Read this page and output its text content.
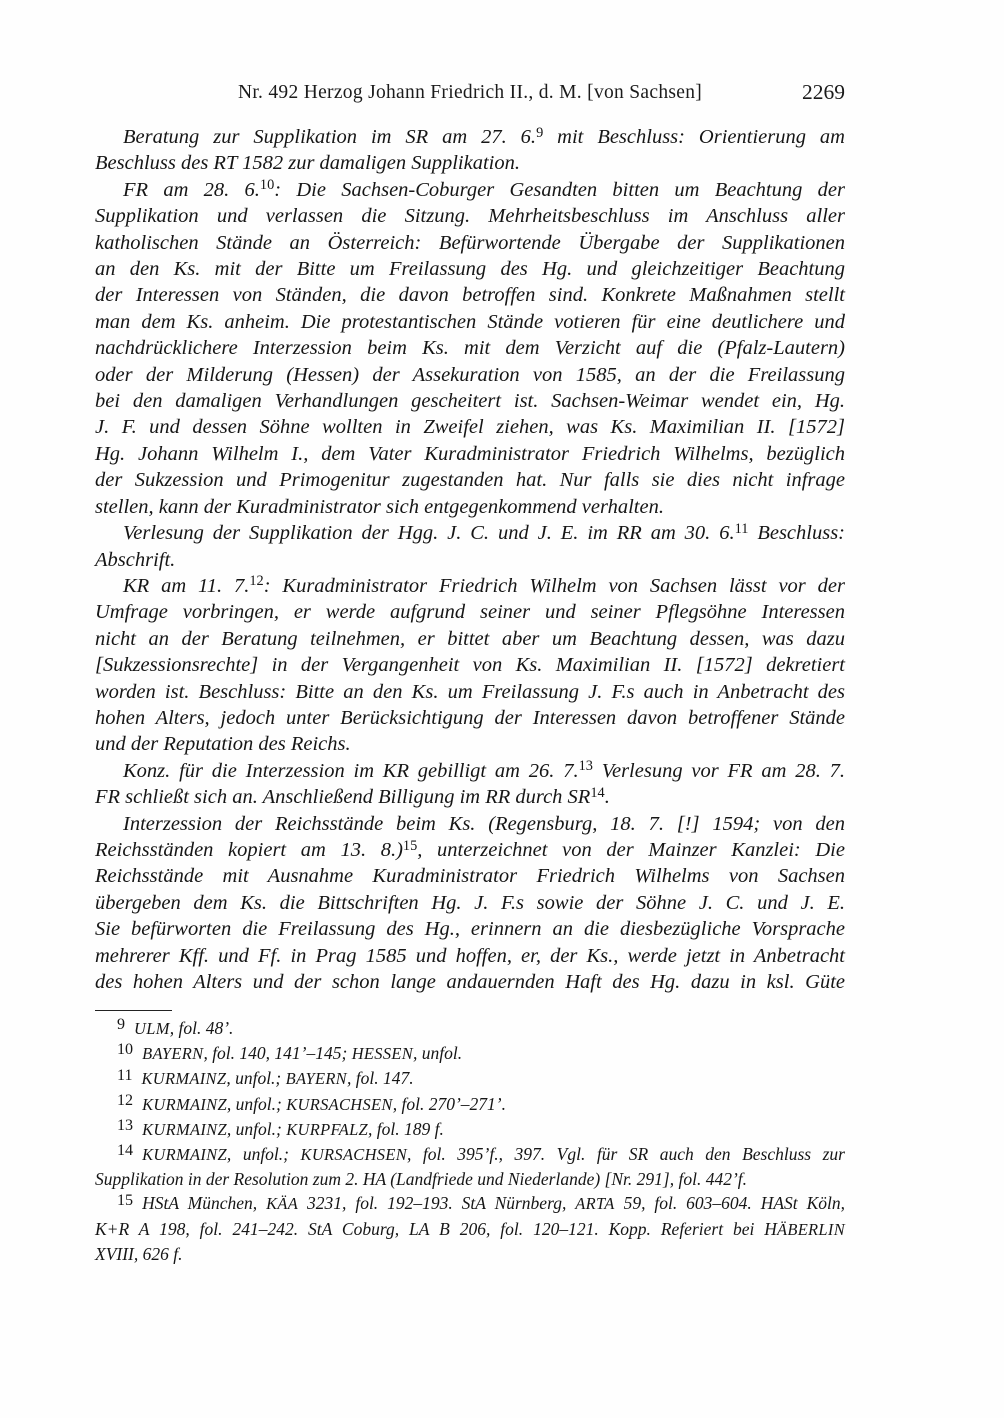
Nr. 492 Herzog Johann Friedrich II., d. M. [von Sachsen]	2269
Beratung zur Supplikation im SR am 27. 6.$^9$ mit Beschluss: Orientierung am
Beschluss des RT 1582 zur damaligen Supplikation.
FR am 28. 6.10: Die Sachsen-Coburger Gesandten bitten um Beachtung der
Supplikation und verlassen die Sitzung. Mehrheitsbeschluss im Anschluss aller
katholischen Stände an Österreich: Befürwortende Übergabe der Supplikationen
an den Ks. mit der Bitte um Freilassung des Hg. und gleichzeitiger Beachtung
der Interessen von Ständen, die davon betroffen sind. Konkrete Maßnahmen stellt
man dem Ks. anheim. Die protestantischen Stände votieren für eine deutlichere und
nachdrücklichere Interzession beim Ks. mit dem Verzicht auf die (Pfalz-Lautern)
oder der Milderung (Hessen) der Assekuration von 1585, an der die Freilassung
bei den damaligen Verhandlungen gescheitert ist. Sachsen-Weimar wendet ein, Hg.
J. F. und dessen Söhne wollten in Zweifel ziehen, was Ks. Maximilian II. [1572]
Hg. Johann Wilhelm I., dem Vater Kuradministrator Friedrich Wilhelms, bezüglich
der Sukzession und Primogenitur zugestanden hat. Nur falls sie dies nicht infrage
stellen, kann der Kuradministrator sich entgegenkommend verhalten.
Verlesung der Supplikation der Hgg. J. C. und J. E. im RR am 30. 6.11 Beschluss:
Abschrift.
KR am 11. 7.12: Kuradministrator Friedrich Wilhelm von Sachsen lässt vor der
Umfrage vorbringen, er werde aufgrund seiner und seiner Pflegsöhne Interessen
nicht an der Beratung teilnehmen, er bittet aber um Beachtung dessen, was dazu
[Sukzessionsrechte] in der Vergangenheit von Ks. Maximilian II. [1572] dekretiert
worden ist. Beschluss: Bitte an den Ks. um Freilassung J. F.s auch in Anbetracht des
hohen Alters, jedoch unter Berücksichtigung der Interessen davon betroffener Stände
und der Reputation des Reichs.
Konz. für die Interzession im KR gebilligt am 26. 7.13 Verlesung vor FR am 28. 7.
FR schließt sich an. Anschließend Billigung im RR durch SR$^{14}$.
Interzession der Reichsstände beim Ks. (Regensburg, 18. 7. [!] 1594; von den
Reichsständen kopiert am 13. 8.)$^{15}$, unterzeichnet von der Mainzer Kanzlei: Die
Reichsstände mit Ausnahme Kuradministrator Friedrich Wilhelms von Sachsen
übergeben dem Ks. die Bittschriften Hg. J. F.s sowie der Söhne J. C. und J. E.
Sie befürworten die Freilassung des Hg., erinnern an die diesbezügliche Vorsprache
mehrerer Kff. und Ff. in Prag 1585 und hoffen, er, der Ks., werde jetzt in Anbetracht
des hohen Alters und der schon lange andauernden Haft des Hg. dazu in ksl. Güte
9 ULM, fol. 48’.
10 BAYERN, fol. 140, 141’–145; HESSEN, unfol.
11 KURMAINZ, unfol.; BAYERN, fol. 147.
12 KURMAINZ, unfol.; KURSACHSEN, fol. 270’–271’.
13 KURMAINZ, unfol.; KURPFALZ, fol. 189 f.
14 KURMAINZ, unfol.; KURSACHSEN, fol. 395’f., 397. Vgl. für SR auch den Beschluss zur
Supplikation in der Resolution zum 2. HA (Landfriede und Niederlande) [Nr. 291], fol. 442’f.
15 HStA München, KÄA 3231, fol. 192–193. StA Nürnberg, ARTA 59, fol. 603–604. HASt Köln,
K+R A 198, fol. 241–242. StA Coburg, LA B 206, fol. 120–121. Kopp. Referiert bei HÄBERLIN
XVIII, 626 f.
